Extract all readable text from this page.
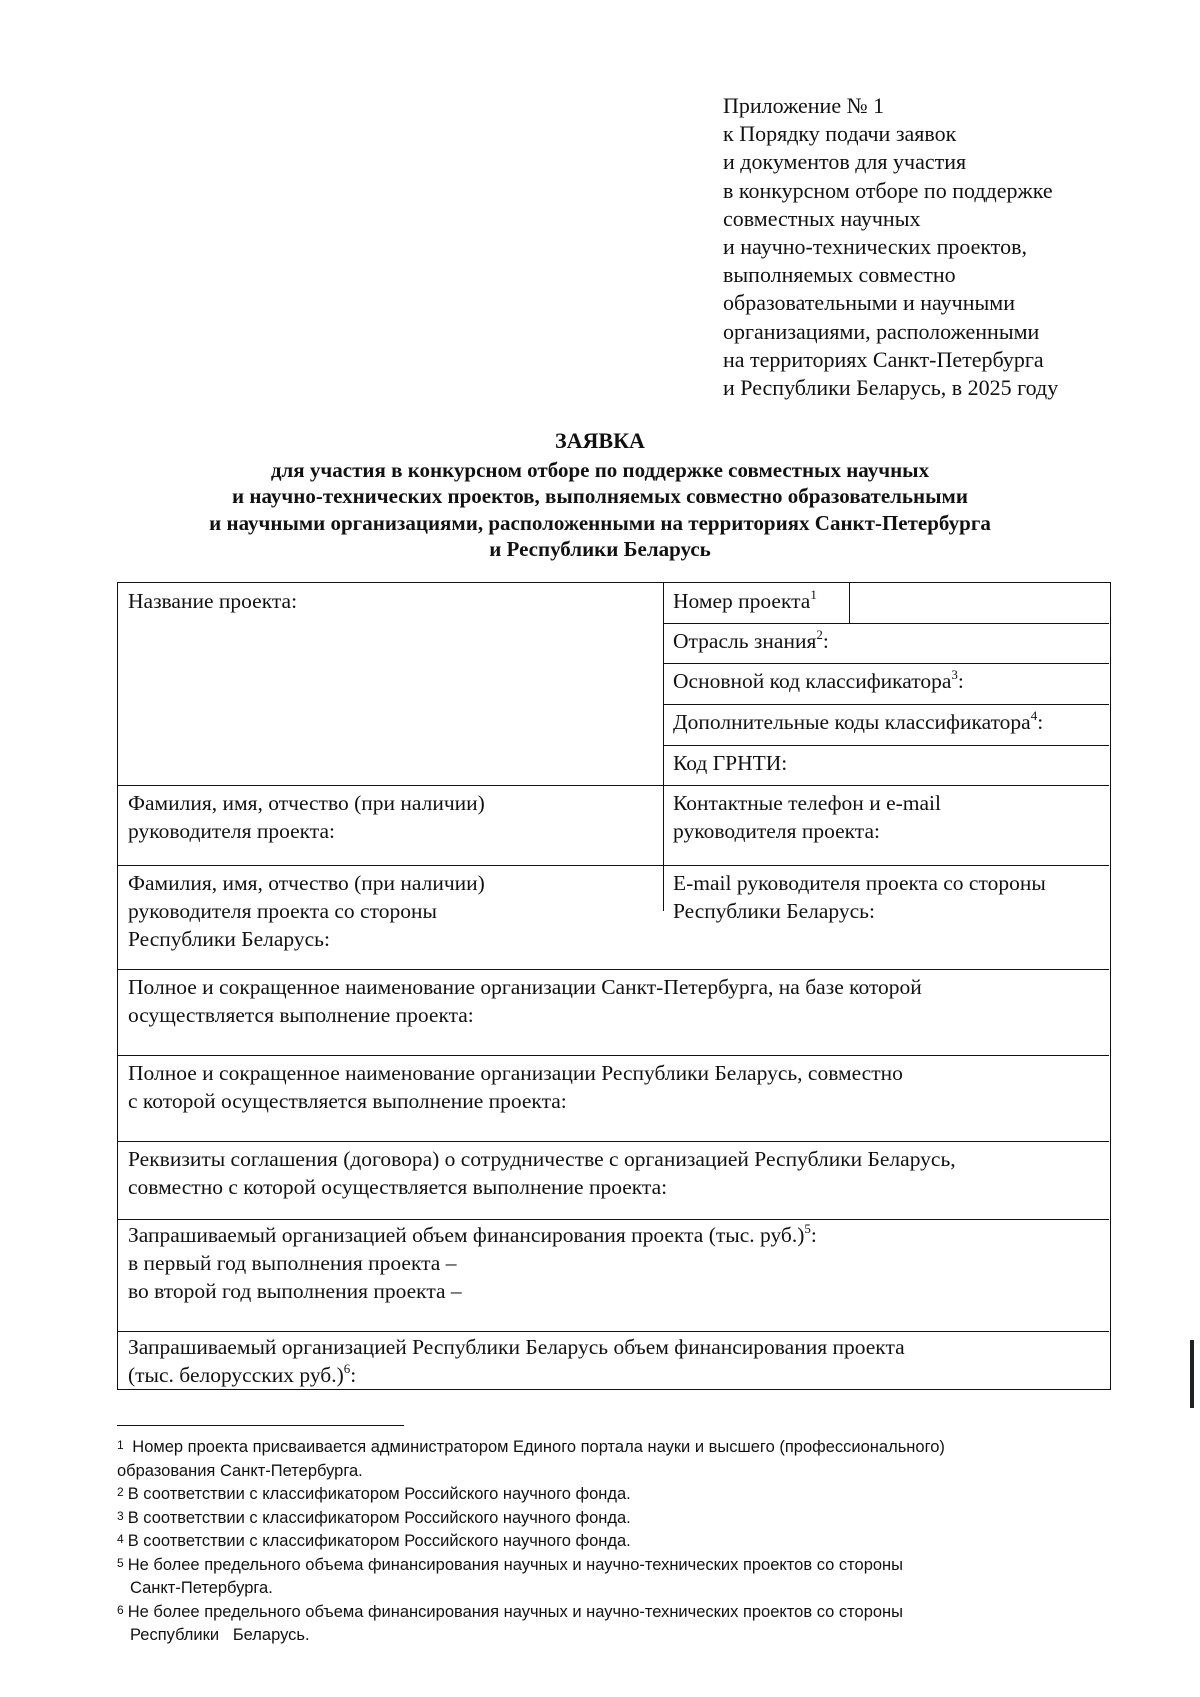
Приложение № 1
к Порядку подачи заявок
и документов для участия
в конкурсном отборе по поддержке
совместных научных
и научно-технических проектов,
выполняемых совместно
образовательными и научными
организациями, расположенными
на территориях Санкт-Петербурга
и Республики Беларусь, в 2025 году
ЗАЯВКА
для участия в конкурсном отборе по поддержке совместных научных
и научно-технических проектов, выполняемых совместно образовательными
и научными организациями, расположенными на территориях Санкт-Петербурга
и Республики Беларусь
Название проекта:	Номер проекта$^1$
Отрасль знания$^2$:
Основной код классификатора$^3$:
Дополнительные коды классификатора$^4$:
Код ГРНТИ:
Фамилия, имя, отчество (при наличии)
руководителя проекта:
Контактные телефон и e-mail
руководителя проекта:
Фамилия, имя, отчество (при наличии)
руководителя проекта со стороны
Республики Беларусь:
E-mail руководителя проекта со стороны
Республики Беларусь:
Полное и сокращенное наименование организации Санкт-Петербурга, на базе которой
осуществляется выполнение проекта:
Полное и сокращенное наименование организации Республики Беларусь, совместно
с которой осуществляется выполнение проекта:
Реквизиты соглашения (договора) о сотрудничестве с организацией Республики Беларусь,
совместно с которой осуществляется выполнение проекта:
Запрашиваемый организацией объем финансирования проекта (тыс. руб.)$^5$:
в первый год выполнения проекта –
во второй год выполнения проекта –
Запрашиваемый организацией Республики Беларусь объем финансирования проекта
(тыс. белорусских руб.)$^6$:
$^1$ Номер проекта присваивается администратором Единого портала науки и высшего (профессионального)
образования Санкт-Петербурга.
$^2$ В соответствии с классификатором Российского научного фонда.
$^3$ В соответствии с классификатором Российского научного фонда.
$^4$ В соответствии с классификатором Российского научного фонда.
$^5$ Не более предельного объема финансирования научных и научно-технических проектов со стороны
Санкт-Петербурга.
$^6$ Не более предельного объема финансирования научных и научно-технических проектов со стороны
Республики   Беларусь.
